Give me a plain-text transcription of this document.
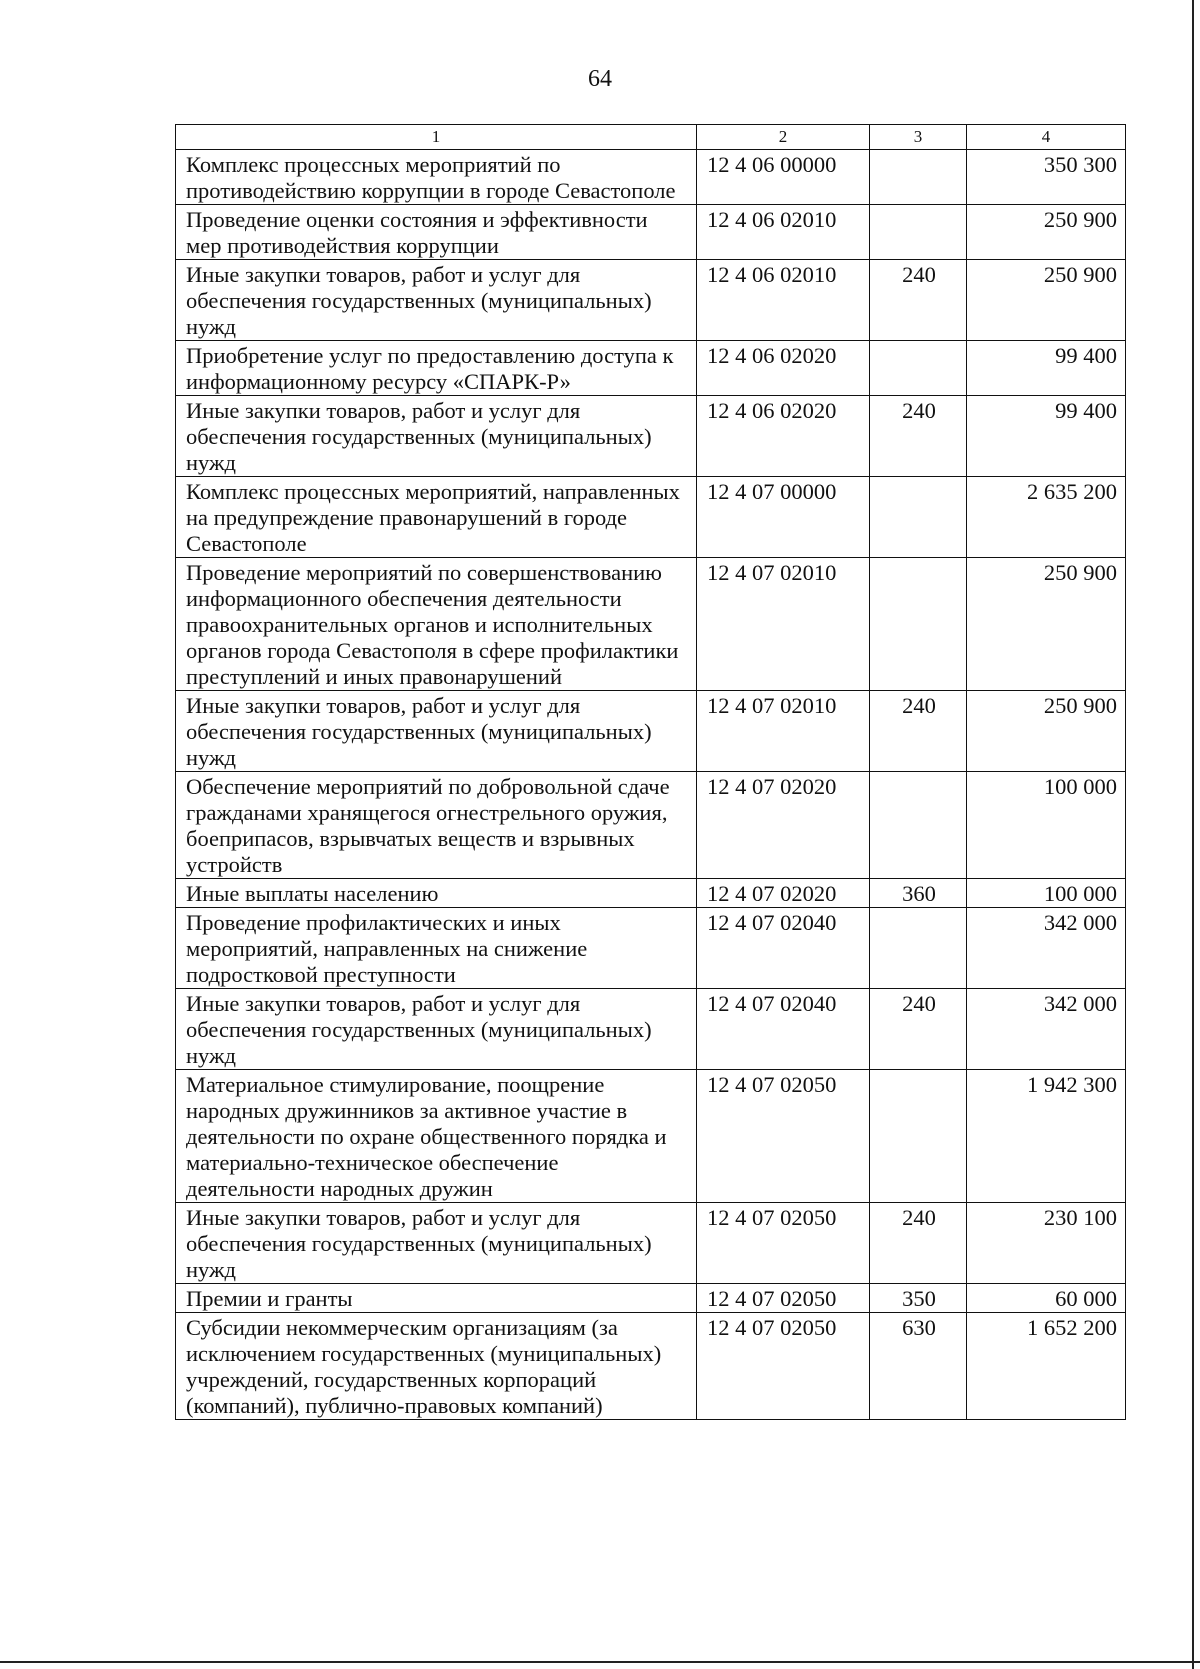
64
1	2	3	4
Комплекс процессных мероприятий по противодействию коррупции в городе Севастополе	12 4 06 00000		350 300
Проведение оценки состояния и эффективности мер противодействия коррупции	12 4 06 02010		250 900
Иные закупки товаров, работ и услуг для обеспечения государственных (муниципальных) нужд	12 4 06 02010	240	250 900
Приобретение услуг по предоставлению доступа к информационному ресурсу «СПАРК-Р»	12 4 06 02020		99 400
Иные закупки товаров, работ и услуг для обеспечения государственных (муниципальных) нужд	12 4 06 02020	240	99 400
Комплекс процессных мероприятий, направленных на предупреждение правонарушений в городе Севастополе	12 4 07 00000		2 635 200
Проведение мероприятий по совершенствованию информационного обеспечения деятельности правоохранительных органов и исполнительных органов города Севастополя в сфере профилактики преступлений и иных правонарушений	12 4 07 02010		250 900
Иные закупки товаров, работ и услуг для обеспечения государственных (муниципальных) нужд	12 4 07 02010	240	250 900
Обеспечение мероприятий по добровольной сдаче гражданами хранящегося огнестрельного оружия, боеприпасов, взрывчатых веществ и взрывных устройств	12 4 07 02020		100 000
Иные выплаты населению	12 4 07 02020	360	100 000
Проведение профилактических и иных мероприятий, направленных на снижение подростковой преступности	12 4 07 02040		342 000
Иные закупки товаров, работ и услуг для обеспечения государственных (муниципальных) нужд	12 4 07 02040	240	342 000
Материальное стимулирование, поощрение народных дружинников за активное участие в деятельности по охране общественного порядка и материально-техническое обеспечение деятельности народных дружин	12 4 07 02050		1 942 300
Иные закупки товаров, работ и услуг для обеспечения государственных (муниципальных) нужд	12 4 07 02050	240	230 100
Премии и гранты	12 4 07 02050	350	60 000
Субсидии некоммерческим организациям (за исключением государственных (муниципальных) учреждений, государственных корпораций (компаний), публично-правовых компаний)	12 4 07 02050	630	1 652 200
